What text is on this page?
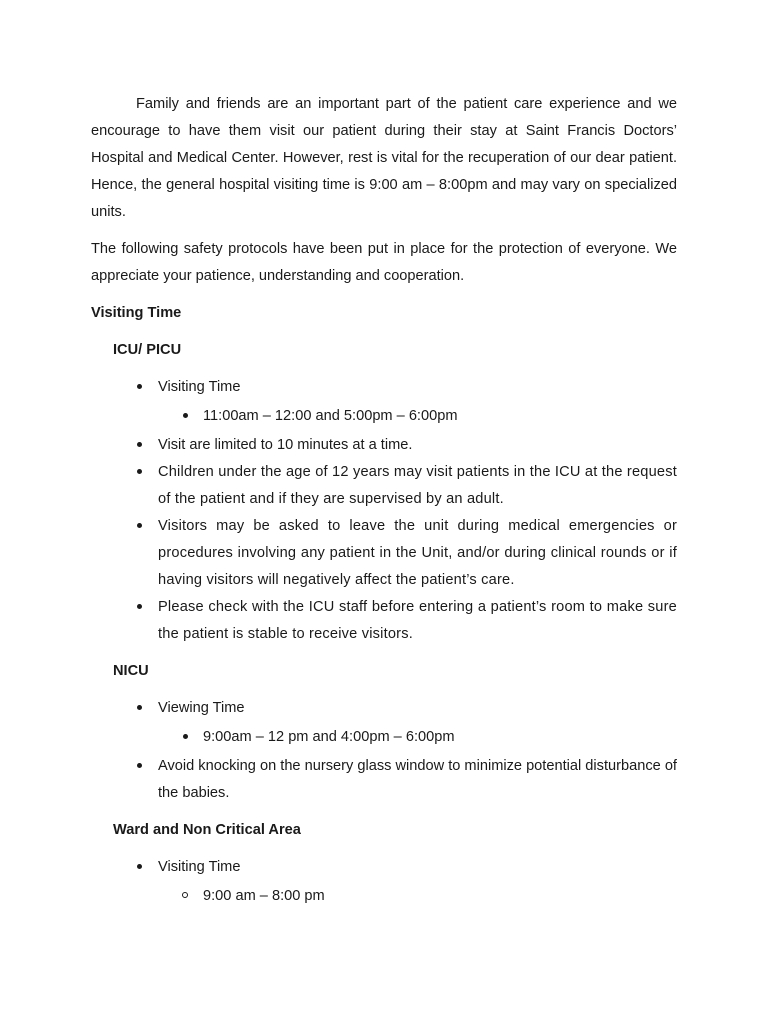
Family and friends are an important part of the patient care experience and we encourage to have them visit our patient during their stay at Saint Francis Doctors’ Hospital and Medical Center. However, rest is vital for the recuperation of our dear patient. Hence, the general hospital visiting time is 9:00 am – 8:00pm and may vary on specialized units.

The following safety protocols have been put in place for the protection of everyone. We appreciate your patience, understanding and cooperation.

Visiting Time
ICU/ PICU
Visiting Time
11:00am – 12:00 and 5:00pm – 6:00pm
Visit are limited to 10 minutes at a time.
Children under the age of 12 years may visit patients in the ICU at the request of the patient and if they are supervised by an adult.
Visitors may be asked to leave the unit during medical emergencies or procedures involving any patient in the Unit, and/or during clinical rounds or if having visitors will negatively affect the patient’s care.
Please check with the ICU staff before entering a patient’s room to make sure the patient is stable to receive visitors.
NICU
Viewing Time
9:00am – 12 pm and 4:00pm – 6:00pm
Avoid knocking on the nursery glass window to minimize potential disturbance of the babies.
Ward and Non Critical Area
Visiting Time
9:00 am – 8:00 pm
